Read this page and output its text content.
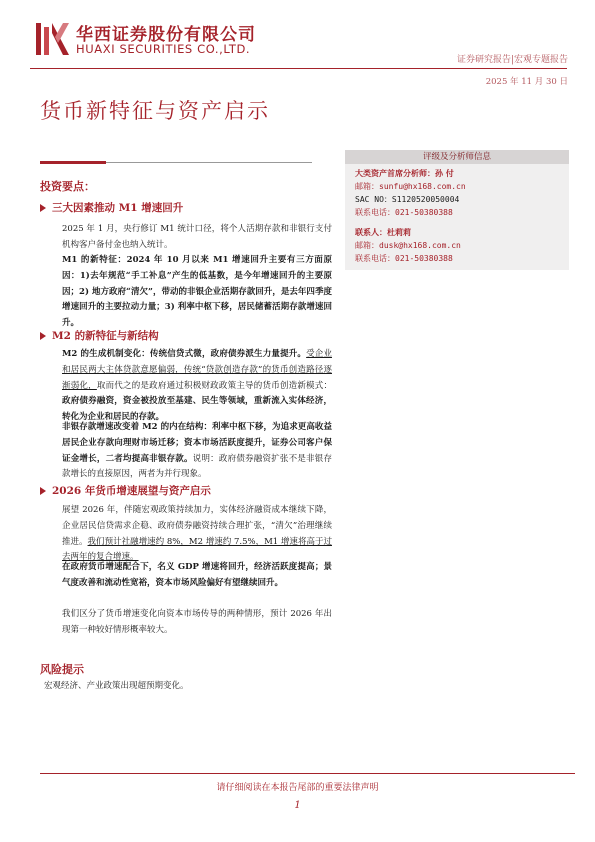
华西证券股份有限公司
HUAXI SECURITIES CO.,LTD.
证券研究报告|宏观专题报告
2025 年 11 月 30 日
货币新特征与资产启示
大类资产首席分析师：孙 付
邮箱：sunfu@hx168.com.cn
SAC NO：S1120520050004
联系电话：021-50380388
联系人：杜莉莉
邮箱：dusk@hx168.com.cn
联系电话：021-50380388
评级及分析师信息
投资要点：
三大因素推动 M1 增速回升
2025 年 1 月，央行修订 M1 统计口径，将个人活期存款和非银行支付机构客户备付金也纳入统计。
M1 的新特征：2024 年 10 月以来 M1 增速回升主要有三方面原因：1)去年规范“手工补息”产生的低基数，是今年增速回升的主要原因；2) 地方政府“清欠”，带动的非银企业活期存款回升，是去年四季度增速回升的主要拉动力量；3) 利率中枢下移，居民储蓄活期存款增速回升。
M2 的新特征与新结构
M2 的生成机制变化：传统信贷式微，政府债券派生力量提升。受企业和居民两大主体贷款意愿偏弱，传统“贷款创造存款”的货币创造路径逐渐弱化，取而代之的是政府通过积极财政政策主导的货币创造新模式：政府债券融资，资金被投放至基建、民生等领域，重新流入实体经济，转化为企业和居民的存款。
非银存款增速改变着 M2 的内在结构：利率中枢下移，为追求更高收益居民企业存款向理财市场迁移；资本市场活跃度提升，证券公司客户保证金增长，二者均提高非银存款。说明：政府债券融资扩张不是非银存款增长的直接原因，两者为并行现象。
2026 年货币增速展望与资产启示
展望 2026 年，伴随宏观政策持续加力，实体经济融资成本继续下降，企业居民信贷需求企稳、政府债券融资持续合理扩张，“清欠”治理继续推进。我们预计社融增速约 8%，M2 增速约 7.5%，M1 增速将高于过去两年的复合增速。
在政府货币增速配合下，名义 GDP 增速将回升，经济活跃度提高；景气度改善和流动性宽裕，资本市场风险偏好有望继续回升。
我们区分了货币增速变化向资本市场传导的两种情形，预计 2026 年出现第一种较好情形概率较大。
风险提示
宏观经济、产业政策出现超预期变化。
请仔细阅读在本报告尾部的重要法律声明
1
